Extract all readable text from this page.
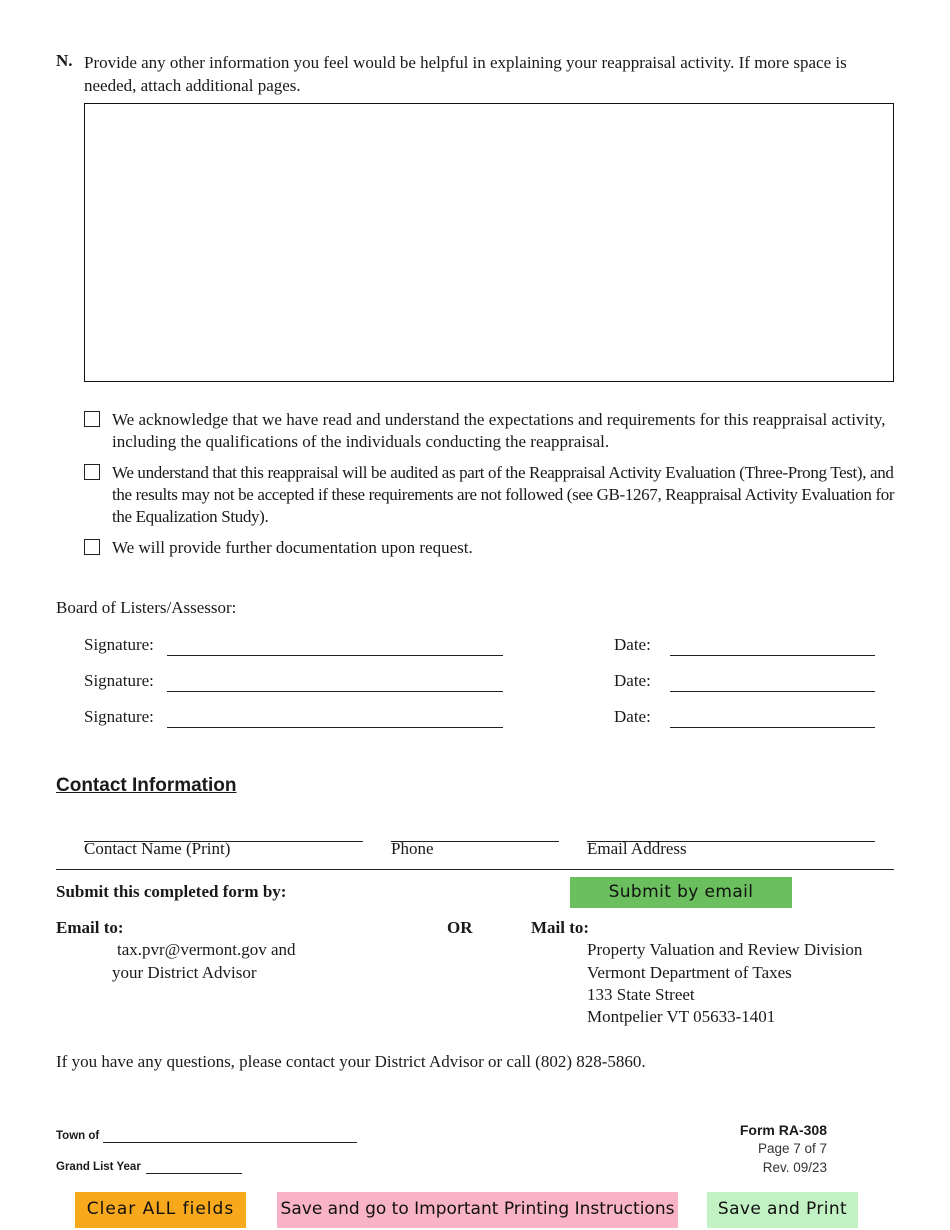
N. Provide any other information you feel would be helpful in explaining your reappraisal activity. If more space is needed, attach additional pages.
We acknowledge that we have read and understand the expectations and requirements for this reappraisal activity, including the qualifications of the individuals conducting the reappraisal.
We understand that this reappraisal will be audited as part of the Reappraisal Activity Evaluation (Three-Prong Test), and the results may not be accepted if these requirements are not followed (see GB-1267, Reappraisal Activity Evaluation for the Equalization Study).
We will provide further documentation upon request.
Board of Listers/Assessor:
Signature:	Date:
Signature:	Date:
Signature:	Date:
Contact Information
Contact Name (Print)	Phone	Email Address
Submit this completed form by:	Submit by email
Email to:	OR	Mail to:
tax.pvr@vermont.gov and
your District Advisor
Property Valuation and Review Division
Vermont Department of Taxes
133 State Street
Montpelier VT 05633-1401
If you have any questions, please contact your District Advisor or call (802) 828-5860.
Town of
Grand List Year
Form RA-308
Page 7 of 7
Rev. 09/23
Clear ALL fields	Save and go to Important Printing Instructions	Save and Print
